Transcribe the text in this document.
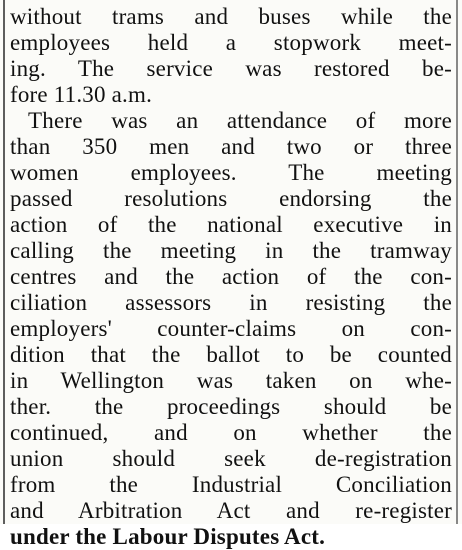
without trams and buses while the
employees held a stopwork meet-
ing. The service was restored be-
fore 11.30 a.m.
There was an attendance of more
than 350 men and two or three
women employees. The meeting
passed resolutions endorsing the
action of the national executive in
calling the meeting in the tramway
centres and the action of the con-
ciliation assessors in resisting the
employers' counter-claims on con-
dition that the ballot to be counted
in Wellington was taken on whe-
ther. the proceedings should be
continued, and on whether the
union should seek de-registration
from the Industrial Conciliation
and Arbitration Act and re-register
under the Labour Disputes Act.
